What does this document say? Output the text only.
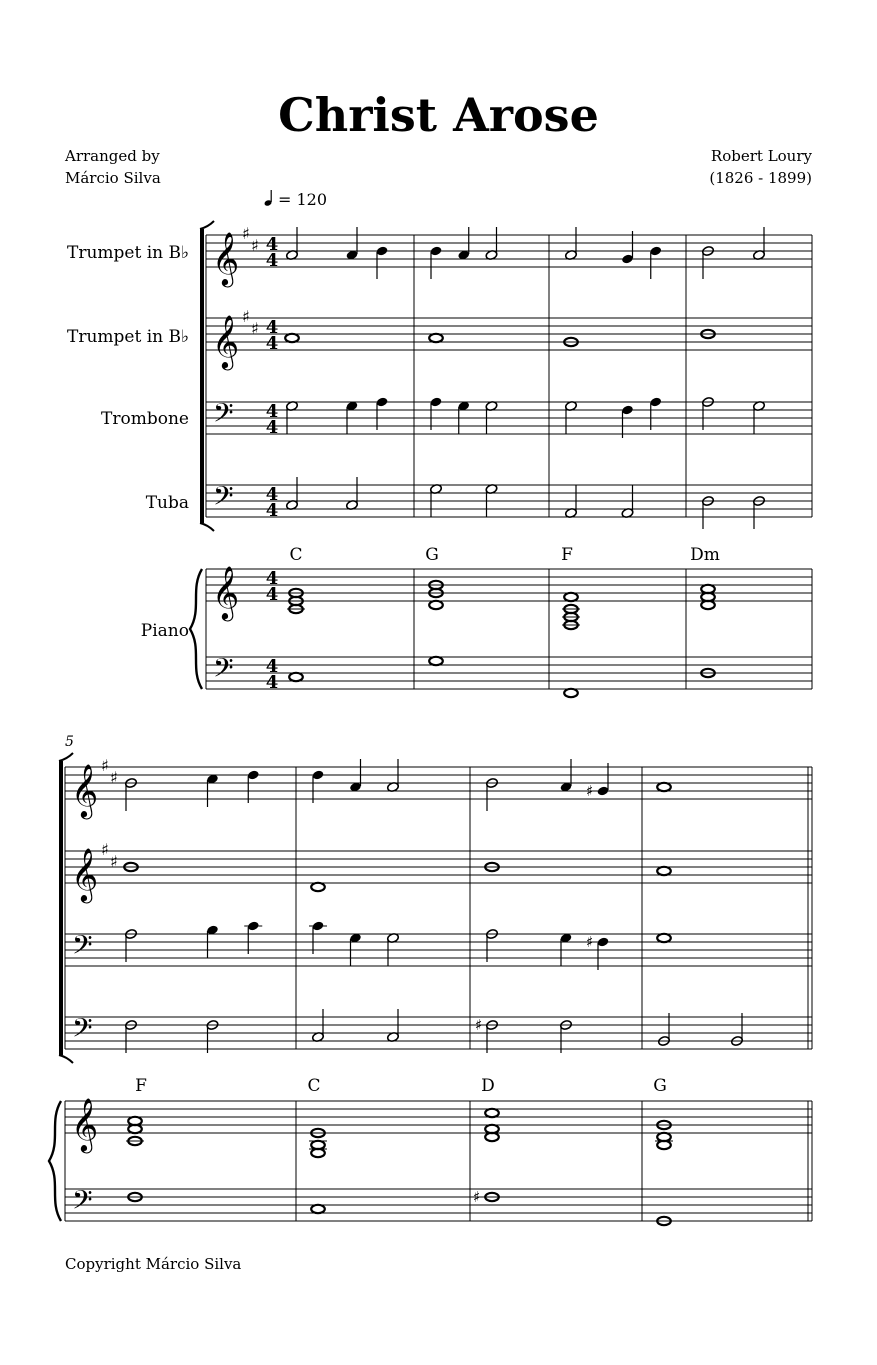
Christ Arose
Arranged by
Márcio Silva
Robert Loury
(1826 - 1899)
= 120
Trumpet in B♭
Trumpet in B♭
Trombone
Tuba
Piano
C	G	F	Dm
F	C	D	G
5
𝄞 ♯
♯ 4
4
𝄞 ♯
♯ 4
4
𝄢 4
4
𝄢 4
4
𝄞 4
4
𝄢 4
4
𝄞 ♯
♯
𝄞 ♯
♯
𝄢
𝄢
𝄞
𝄢
♯
♯
♯
♯
Copyright Márcio Silva
